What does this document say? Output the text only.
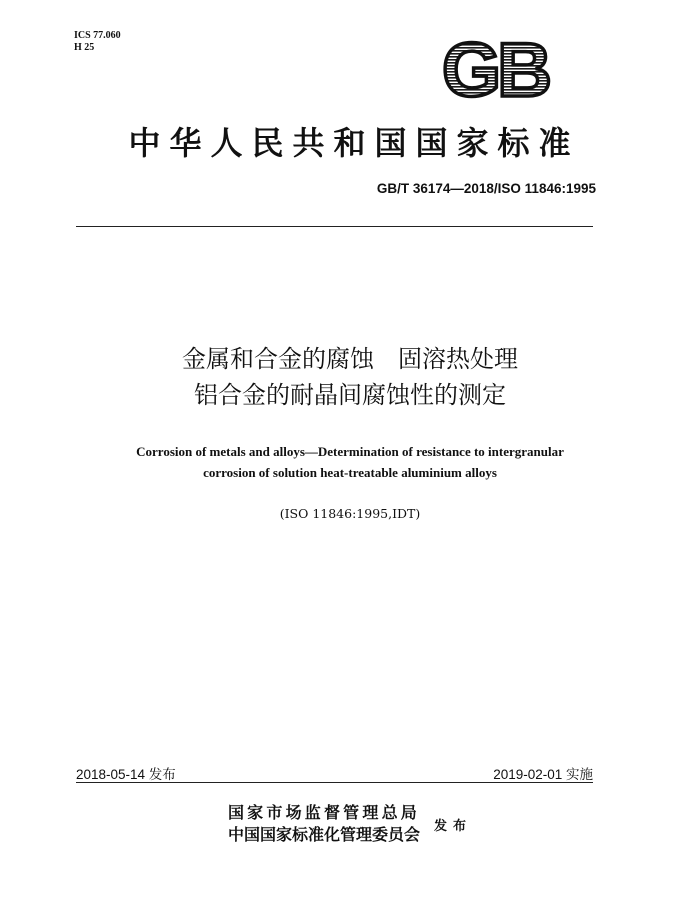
ICS 77.060
H 25	GB
中华人民共和国国家标准
GB/T 36174—2018/ISO 11846:1995
金属和合金的腐蚀　固溶热处理
铝合金的耐晶间腐蚀性的测定
Corrosion of metals and alloys—Determination of resistance to intergranular
corrosion of solution heat-treatable aluminium alloys
(ISO 11846:1995,IDT)
2018-05-14 发布	2019-02-01 实施
国家市场监督管理总局
中国国家标准化管理委员会 发布
